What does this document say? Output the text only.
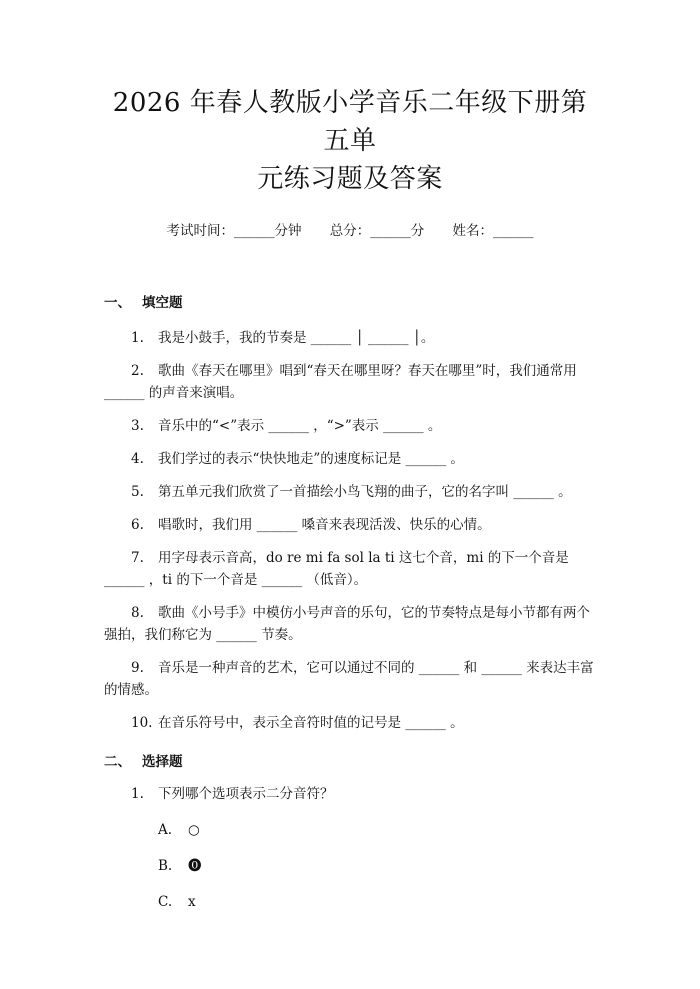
2026 年春人教版小学音乐二年级下册第五单
元练习题及答案
考试时间：______分钟 总分：______分 姓名：______
一、 填空题
1. 我是小鼓手，我的节奏是 ______ │ ______ │。
2. 歌曲《春天在哪里》唱到“春天在哪里呀？春天在哪里”时，我们通常用 ______ 的声音来演唱。
3. 音乐中的“<”表示 ______ ，“>”表示 ______ 。
4. 我们学过的表示“快快地走”的速度标记是 ______ 。
5. 第五单元我们欣赏了一首描绘小鸟飞翔的曲子，它的名字叫 ______ 。
6. 唱歌时，我们用 ______ 嗓音来表现活泼、快乐的心情。
7. 用字母表示音高，do re mi fa sol la ti 这七个音，mi 的下一个音是 ______ ，ti 的下一个音是 ______ （低音）。
8. 歌曲《小号手》中模仿小号声音的乐句，它的节奏特点是每小节都有两个强拍，我们称它为 ______ 节奏。
9. 音乐是一种声音的艺术，它可以通过不同的 ______ 和 ______ 来表达丰富的情感。
10. 在音乐符号中，表示全音符时值的记号是 ______ 。
二、 选择题
1. 下列哪个选项表示二分音符？
A. ○
B. ⓿
C. x
